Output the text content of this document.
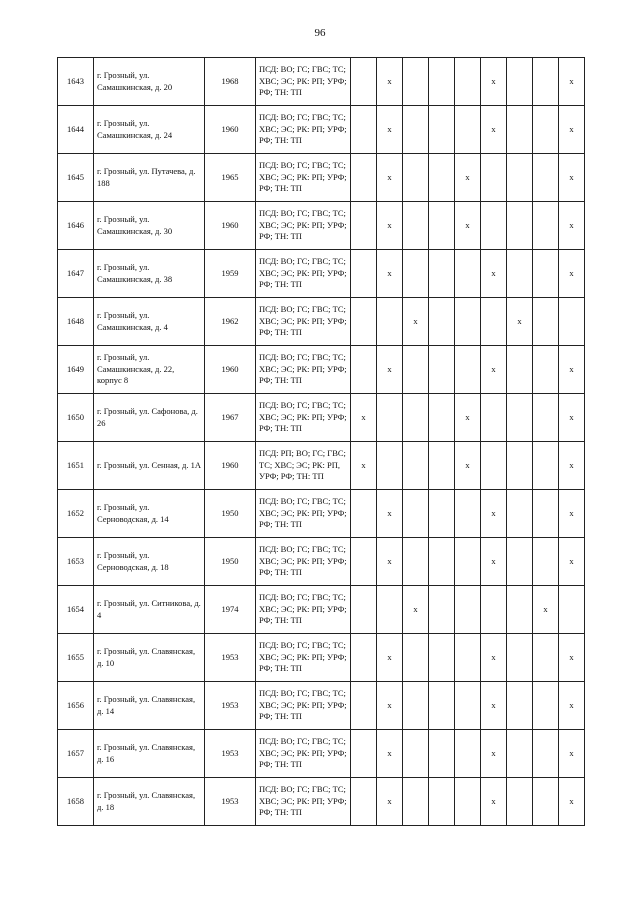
96
1643	г. Грозный, ул. Самашкинская, д. 20	1968	ПСД: ВО; ГС; ГВС; ТС; ХВС; ЭС; РК: РП; УРФ; РФ; ТН: ТП		x				x			x
1644	г. Грозный, ул. Самашкинская, д. 24	1960	ПСД: ВО; ГС; ГВС; ТС; ХВС; ЭС; РК: РП; УРФ; РФ; ТН: ТП		x				x			x
1645	г. Грозный, ул. Путачева, д. 188	1965	ПСД: ВО; ГС; ГВС; ТС; ХВС; ЭС; РК: РП; УРФ; РФ; ТН: ТП		x			x				x
1646	г. Грозный, ул. Самашкинская, д. 30	1960	ПСД: ВО; ГС; ГВС; ТС; ХВС; ЭС; РК: РП; УРФ; РФ; ТН: ТП		x			x				x
1647	г. Грозный, ул. Самашкинская, д. 38	1959	ПСД: ВО; ГС; ГВС; ТС; ХВС; ЭС; РК: РП; УРФ; РФ; ТН: ТП		x				x			x
1648	г. Грозный, ул. Самашкинская, д. 4	1962	ПСД: ВО; ГС; ГВС; ТС; ХВС; ЭС; РК: РП; УРФ; РФ; ТН: ТП			x				x		
1649	г. Грозный, ул. Самашкинская, д. 22, корпус 8	1960	ПСД: ВО; ГС; ГВС; ТС; ХВС; ЭС; РК: РП; УРФ; РФ; ТН: ТП		x				x			x
1650	г. Грозный, ул. Сафонова, д. 26	1967	ПСД: ВО; ГС; ГВС; ТС; ХВС; ЭС; РК: РП; УРФ; РФ; ТН: ТП	x				x				x
1651	г. Грозный, ул. Сенная, д. 1А	1960	ПСД: РП; ВО; ГС; ГВС; ТС; ХВС; ЭС; РК: РП, УРФ; РФ; ТН: ТП	x				x				x
1652	г. Грозный, ул. Серноводская, д. 14	1950	ПСД: ВО; ГС; ГВС; ТС; ХВС; ЭС; РК: РП; УРФ; РФ; ТН: ТП		x				x			x
1653	г. Грозный, ул. Серноводская, д. 18	1950	ПСД: ВО; ГС; ГВС; ТС; ХВС; ЭС; РК: РП; УРФ; РФ; ТН: ТП		x				x			x
1654	г. Грозный, ул. Ситникова, д. 4	1974	ПСД: ВО; ГС; ГВС; ТС; ХВС; ЭС; РК: РП; УРФ; РФ; ТН: ТП			x					x	
1655	г. Грозный, ул. Славянская, д. 10	1953	ПСД: ВО; ГС; ГВС; ТС; ХВС; ЭС; РК: РП; УРФ; РФ; ТН: ТП		x				x			x
1656	г. Грозный, ул. Славянская, д. 14	1953	ПСД: ВО; ГС; ГВС; ТС; ХВС; ЭС; РК: РП; УРФ; РФ; ТН: ТП		x				x			x
1657	г. Грозный, ул. Славянская, д. 16	1953	ПСД: ВО; ГС; ГВС; ТС; ХВС; ЭС; РК: РП; УРФ; РФ; ТН: ТП		x				x			x
1658	г. Грозный, ул. Славянская, д. 18	1953	ПСД: ВО; ГС; ГВС; ТС; ХВС; ЭС; РК: РП; УРФ; РФ; ТН: ТП		x				x			x
